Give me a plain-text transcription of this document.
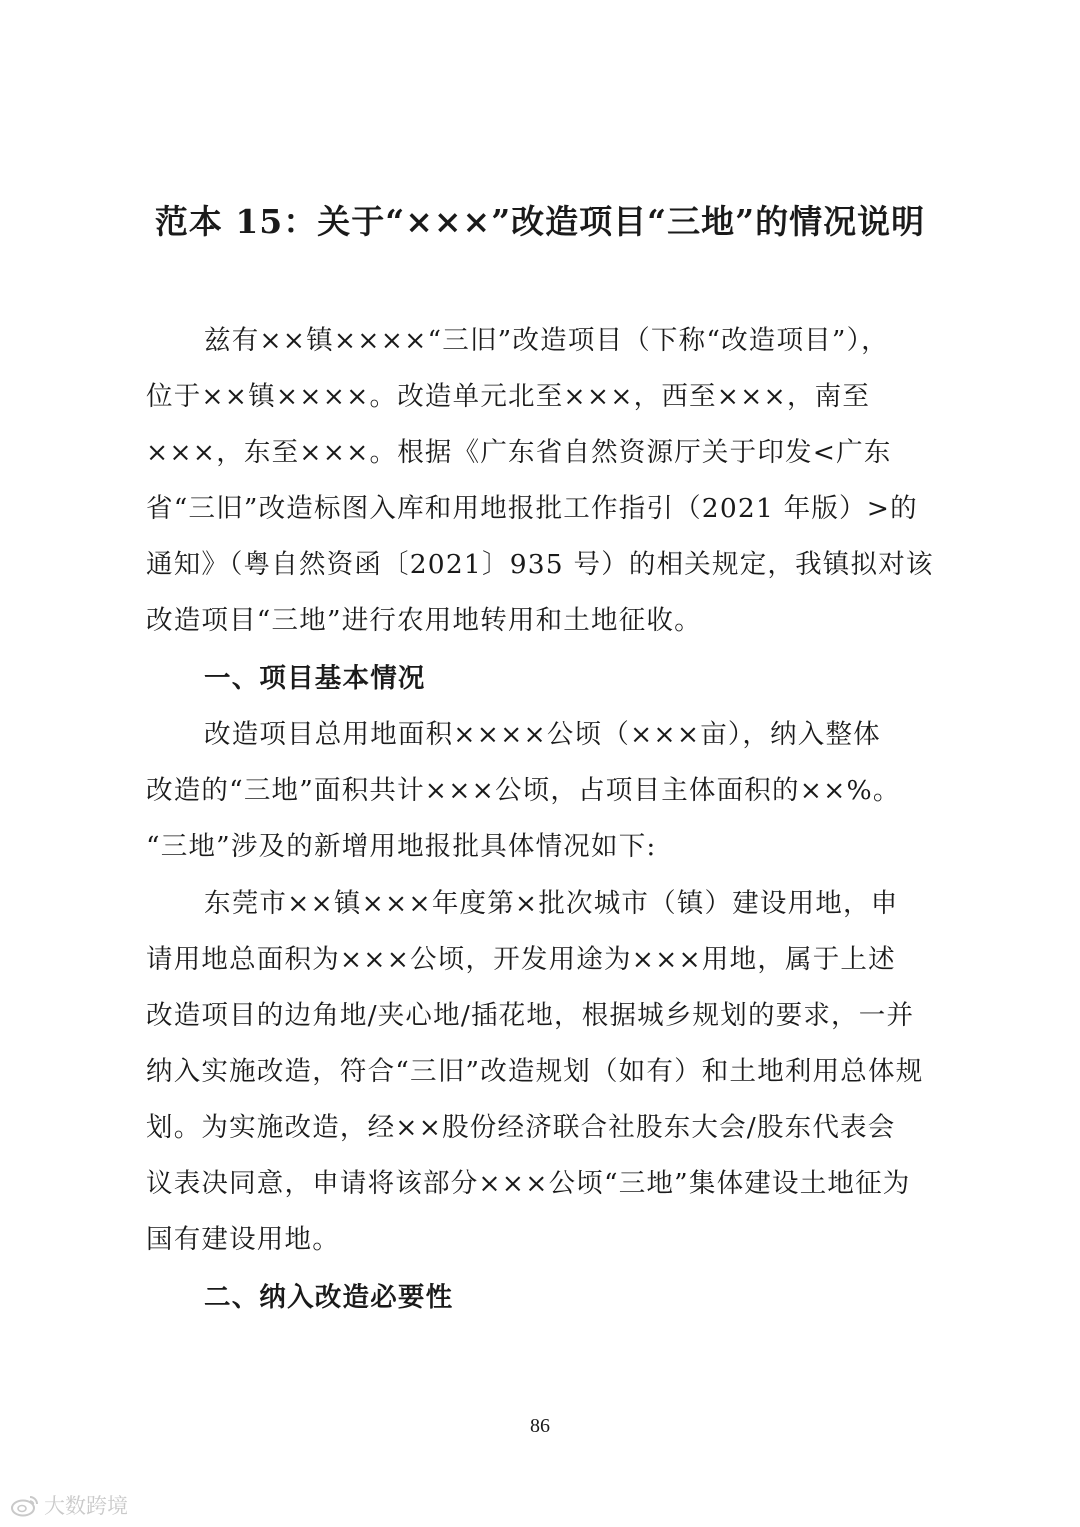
范本 15：关于“×××”改造项目“三地”的情况说明
兹有××镇××××“三旧”改造项目（下称“改造项目”），
位于××镇××××。改造单元北至×××，西至×××，南至
×××，东至×××。根据《广东省自然资源厅关于印发<广东
省“三旧”改造标图入库和用地报批工作指引（2021 年版）>的
通知》（粤自然资函〔2021〕935 号）的相关规定，我镇拟对该
改造项目“三地”进行农用地转用和土地征收。
一、项目基本情况
改造项目总用地面积××××公顷（×××亩），纳入整体
改造的“三地”面积共计×××公顷，占项目主体面积的××%。
“三地”涉及的新增用地报批具体情况如下:
东莞市××镇×××年度第×批次城市（镇）建设用地，申
请用地总面积为×××公顷，开发用途为×××用地，属于上述
改造项目的边角地/夹心地/插花地，根据城乡规划的要求，一并
纳入实施改造，符合“三旧”改造规划（如有）和土地利用总体规
划。为实施改造，经××股份经济联合社股东大会/股东代表会
议表决同意，申请将该部分×××公顷“三地”集体建设土地征为
国有建设用地。
二、纳入改造必要性
86
大数跨境
